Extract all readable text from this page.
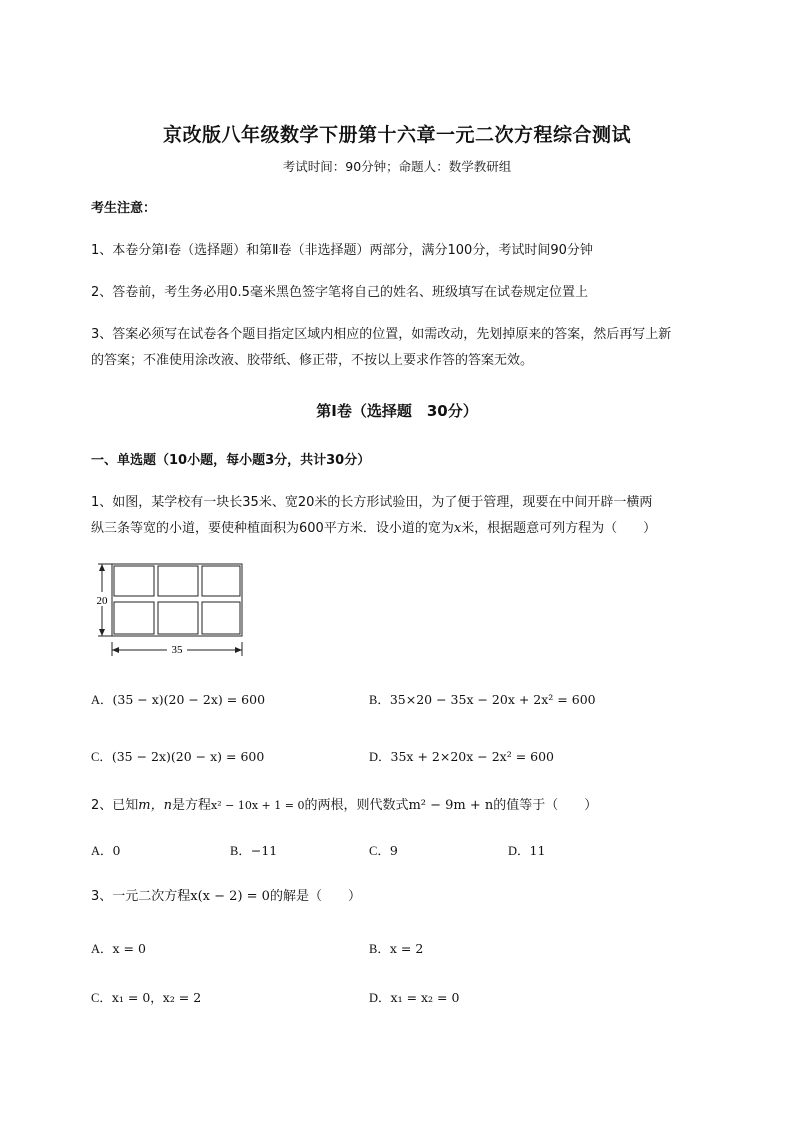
京改版八年级数学下册第十六章一元二次方程综合测试
考试时间：90分钟；命题人：数学教研组
考生注意：
1、本卷分第Ⅰ卷（选择题）和第Ⅱ卷（非选择题）两部分，满分100分，考试时间90分钟
2、答卷前，考生务必用0.5毫米黑色签字笔将自己的姓名、班级填写在试卷规定位置上
3、答案必须写在试卷各个题目指定区域内相应的位置，如需改动，先划掉原来的答案，然后再写上新
的答案；不准使用涂改液、胶带纸、修正带，不按以上要求作答的答案无效。
第Ⅰ卷（选择题　30分）
一、单选题（10小题，每小题3分，共计30分）
1、如图，某学校有一块长35米、宽20米的长方形试验田，为了便于管理，现要在中间开辟一横两
纵三条等宽的小道，要使种植面积为600平方米．设小道的宽为x米，根据题意可列方程为（　　）
20
35
A．(35 − x)(20 − 2x) = 600	B．35×20 − 35x − 20x + 2x² = 600
C．(35 − 2x)(20 − x) = 600	D．35x + 2×20x − 2x² = 600
2、已知m，n是方程x² − 10x + 1 = 0的两根，则代数式m² − 9m + n的值等于（　　）
A．0	B．−11	C．9	D．11
3、一元二次方程x(x − 2) = 0的解是（　　）
A．x = 0	B．x = 2
C．x₁ = 0，x₂ = 2	D．x₁ = x₂ = 0
